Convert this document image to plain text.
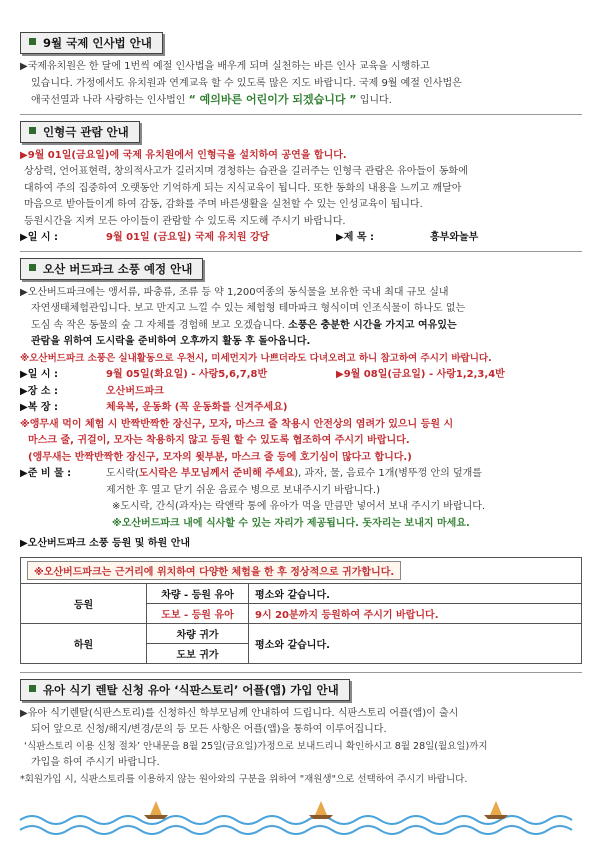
9월 국제 인사법 안내
▶국제유치원은 한 달에 1번씩 예절 인사법을 배우게 되며 실천하는 바른 인사 교육을 시행하고
있습니다. 가정에서도 유치원과 연계교육 할 수 있도록 많은 지도 바랍니다. 국제 9월 예절 인사법은
애국선열과 나라 사랑하는 인사법인 “ 예의바른 어린이가 되겠습니다 ” 입니다.
인형극 관람 안내
▶9월 01일(금요일)에 국제 유치원에서 인형극을 설치하여 공연을 합니다.
상상력, 언어표현력, 창의적사고가 길러지며 경청하는 습관을 길러주는 인형극 관람은 유아들이 동화에
대하여 주의 집중하여 오랫동안 기억하게 되는 지식교육이 됩니다. 또한 동화의 내용을 느끼고 깨달아
마음으로 받아들이게 하여 감동, 감화를 주며 바른생활을 실천할 수 있는 인성교육이 됩니다.
등원시간을 지켜 모든 아이들이 관람할 수 있도록 지도해 주시기 바랍니다.
▶일 시 :	9월 01일 (금요일) 국제 유치원 강당	▶제 목 :	흥부와놀부
오산 버드파크 소풍 예정 안내
▶오산버드파크에는 앵서류, 파충류, 조류 등 약 1,200여종의 동식물을 보유한 국내 최대 규모 실내
자연생태체험관입니다. 보고 만지고 느낄 수 있는 체험형 테마파크 형식이며 인조식물이 하나도 없는
도심 속 작은 동물의 숲 그 자체를 경험해 보고 오겠습니다. 소풍은 충분한 시간을 가지고 여유있는
관람을 위하여 도시락을 준비하여 오후까지 활동 후 돌아옵니다.
※오산버드파크 소풍은 실내활동으로 우천시, 미세먼지가 나쁘더라도 다녀오려고 하니 참고하여 주시기 바랍니다.
▶일 시 :	9월 05일(화요일) - 사랑5,6,7,8반	▶9월 08일(금요일) - 사랑1,2,3,4반
▶장 소 :	오산버드파크
▶복 장 :	체육복, 운동화 (꼭 운동화를 신겨주세요)
※앵무새 먹이 체험 시 반짝반짝한 장신구, 모자, 마스크 줄 착용시 안전상의 염려가 있으니 등원 시
마스크 줄, 귀걸이, 모자는 착용하지 않고 등원 할 수 있도록 협조하여 주시기 바랍니다.
(앵무새는 반짝반짝한 장신구, 모자의 윗부분, 마스크 줄 등에 호기심이 많다고 합니다.)
▶준 비 물 :	도시락(도시락은 부모님께서 준비해 주세요), 과자, 물, 음료수 1개(병뚜껑 안의 덮개를
제거한 후 열고 닫기 쉬운 음료수 병으로 보내주시기 바랍니다.)
※도시락, 간식(과자)는 락앤락 통에 유아가 먹을 만큼만 넣어서 보내 주시기 바랍니다.
※오산버드파크 내에 식사할 수 있는 자리가 제공됩니다. 돗자리는 보내지 마세요.
▶오산버드파크 소풍 등원 및 하원 안내
※오산버드파크는 근거리에 위치하여 다양한 체험을 한 후 정상적으로 귀가합니다.		
등원	차량 - 등원 유아	평소와 같습니다.
	도보 - 등원 유아	9시 20분까지 등원하여 주시기 바랍니다.
하원	차량 귀가	평소와 같습니다.
	도보 귀가	
유아 식기 렌탈 신청 유아 ‘식판스토리’ 어플(앱) 가입 안내
▶유아 식기렌탈(식판스토리)를 신청하신 학부모님께 안내하여 드립니다. 식판스토리 어플(앱)이 출시
되어 앞으로 신청/해지/변경/문의 등 모든 사항은 어플(앱)을 통하여 이루어집니다.
‘식판스토리 이용 신청 절차’ 안내문을 8월 25일(금요일)가정으로 보내드리니 확인하시고 8월 28일(월요일)까지
가입을 하여 주시기 바랍니다.
*회원가입 시, 식판스토리를 이용하지 않는 원아와의 구분을 위하여 "재원생"으로 선택하여 주시기 바랍니다.
